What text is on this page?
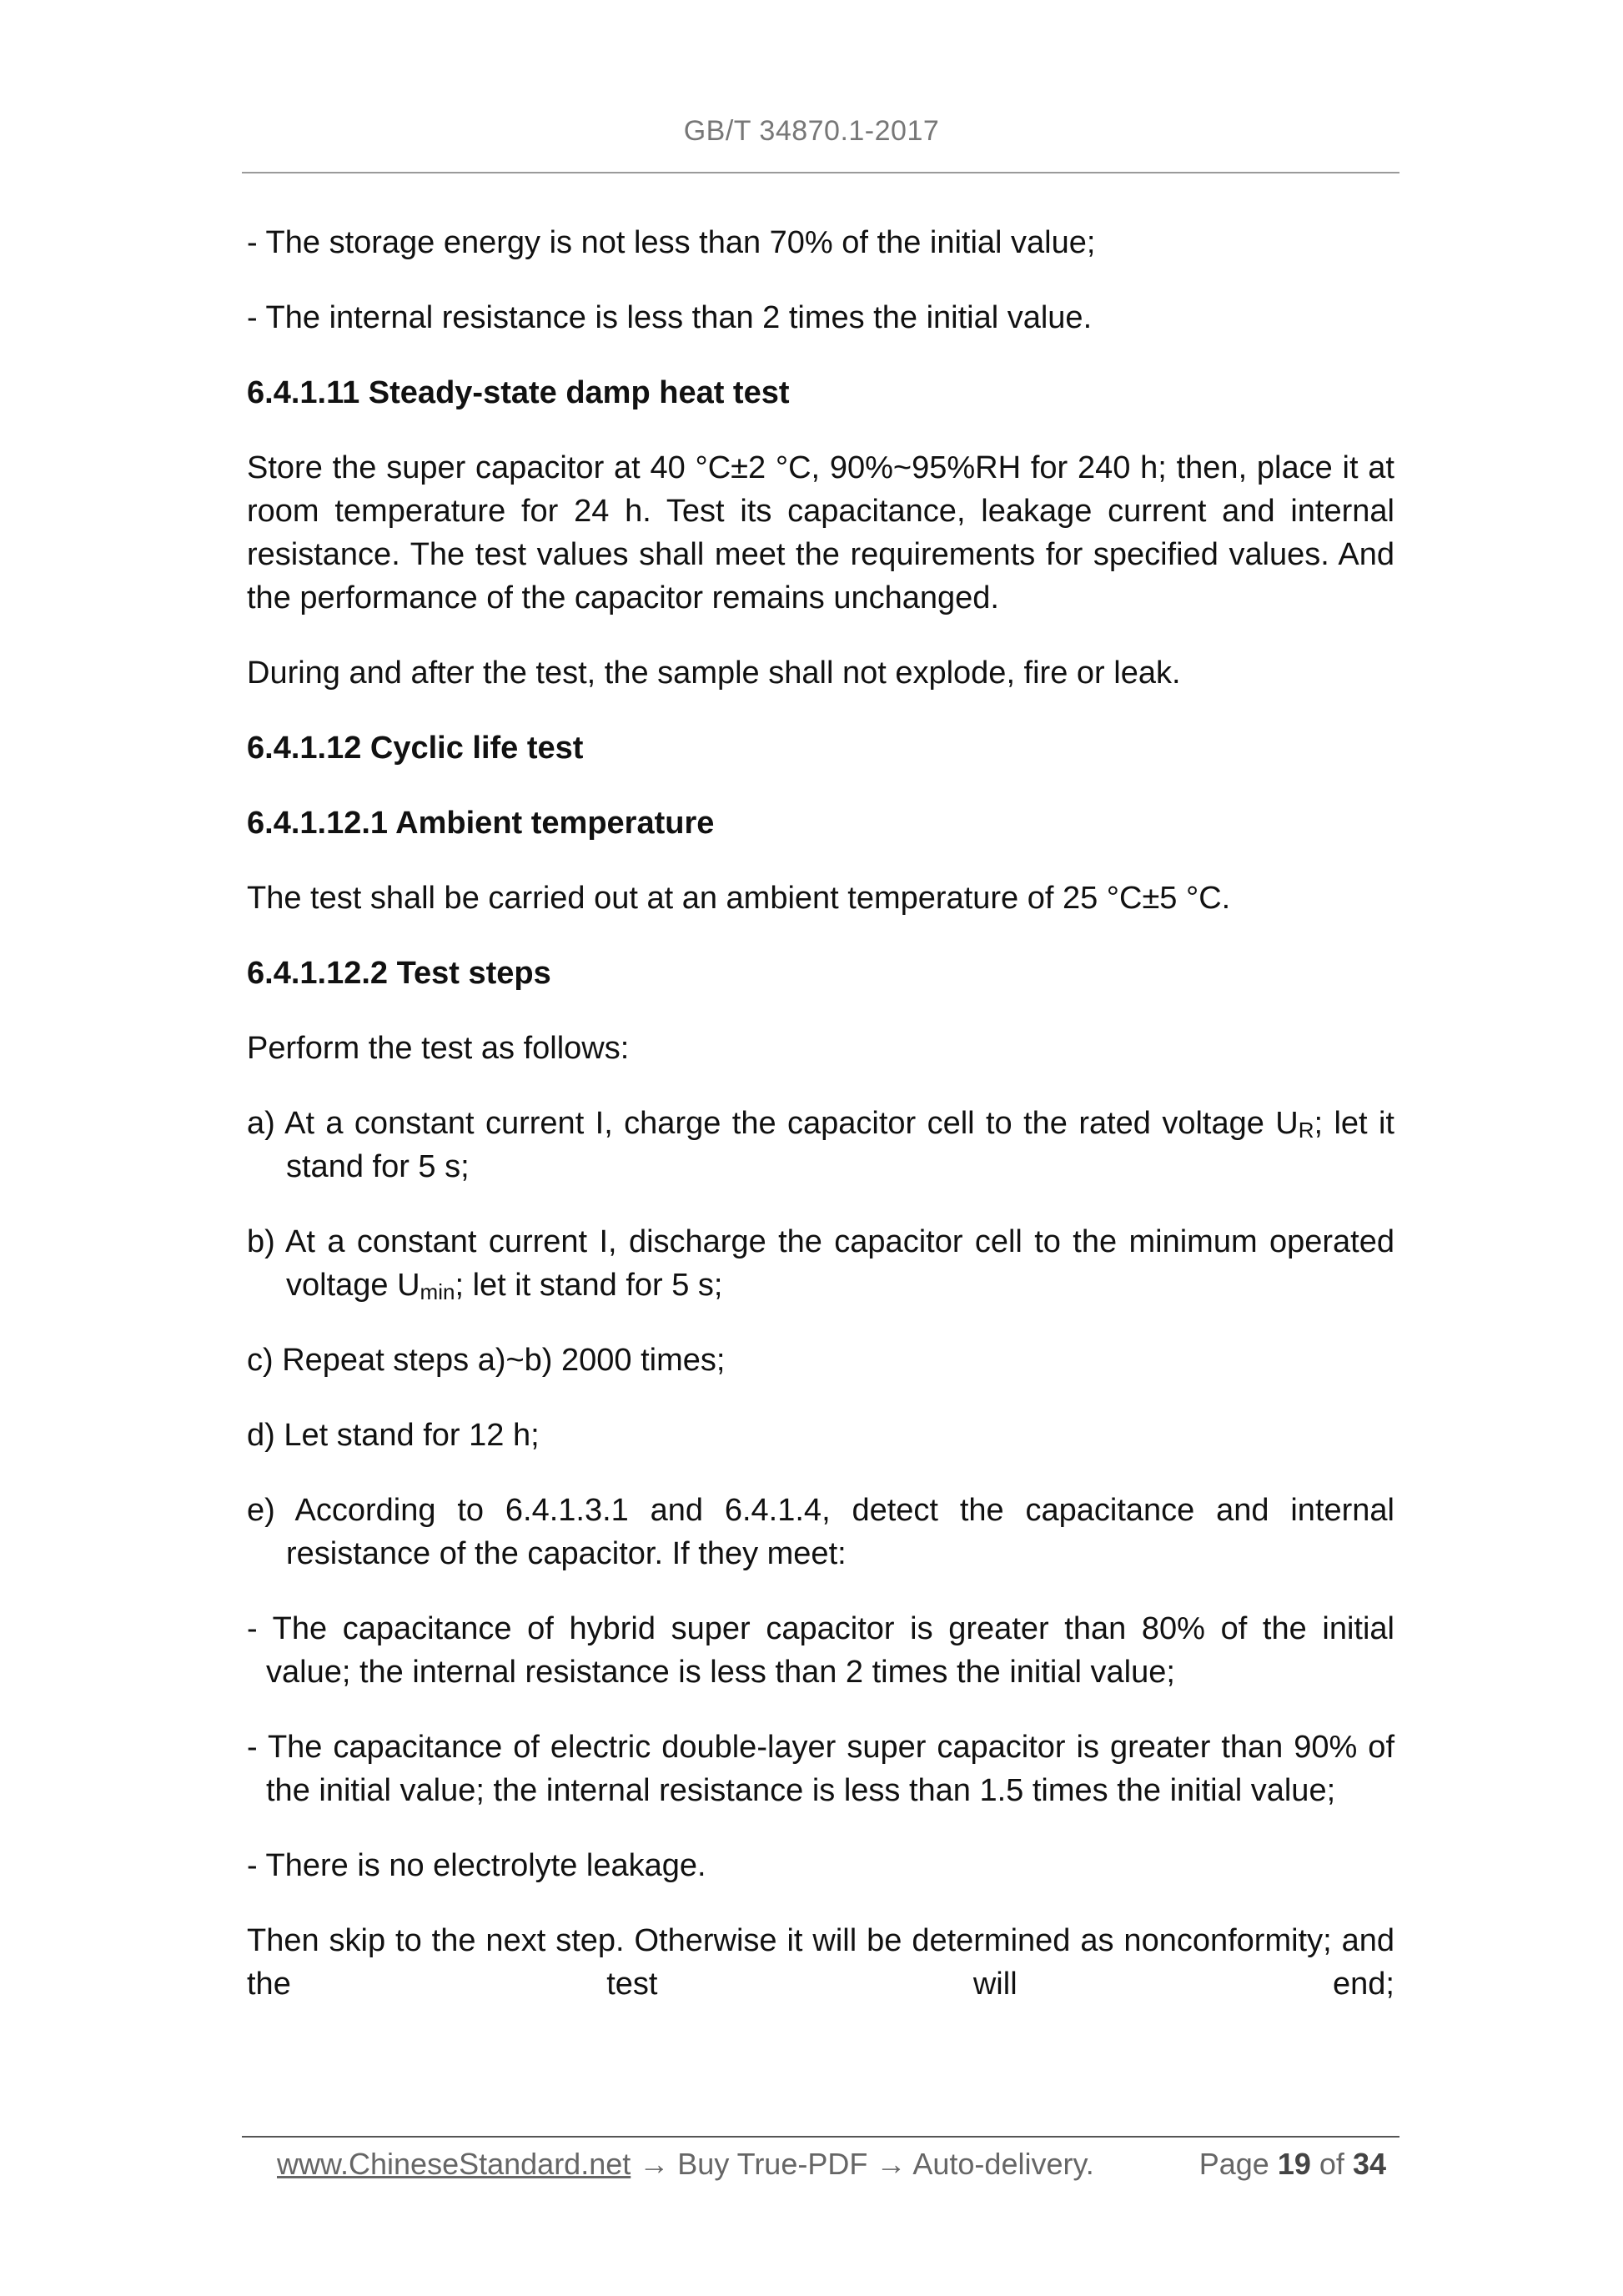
GB/T 34870.1-2017

- The storage energy is not less than 70% of the initial value;

- The internal resistance is less than 2 times the initial value.

6.4.1.11 Steady-state damp heat test

Store the super capacitor at 40 °C±2 °C, 90%~95%RH for 240 h; then, place it at room temperature for 24 h. Test its capacitance, leakage current and internal resistance. The test values shall meet the requirements for specified values. And the performance of the capacitor remains unchanged.

During and after the test, the sample shall not explode, fire or leak.

6.4.1.12 Cyclic life test

6.4.1.12.1 Ambient temperature

The test shall be carried out at an ambient temperature of 25 °C±5 °C.

6.4.1.12.2 Test steps

Perform the test as follows:

a) At a constant current I, charge the capacitor cell to the rated voltage $U_R$; let it stand for 5 s;

b) At a constant current I, discharge the capacitor cell to the minimum operated voltage $U_{min}$; let it stand for 5 s;

c) Repeat steps a)~b) 2000 times;

d) Let stand for 12 h;

e) According to 6.4.1.3.1 and 6.4.1.4, detect the capacitance and internal resistance of the capacitor. If they meet:

- The capacitance of hybrid super capacitor is greater than 80% of the initial value; the internal resistance is less than 2 times the initial value;

- The capacitance of electric double-layer super capacitor is greater than 90% of the initial value; the internal resistance is less than 1.5 times the initial value;

- There is no electrolyte leakage.

Then skip to the next step. Otherwise it will be determined as nonconformity; and the test will end;

www.ChineseStandard.net → Buy True-PDF → Auto-delivery.	Page 19 of 34
